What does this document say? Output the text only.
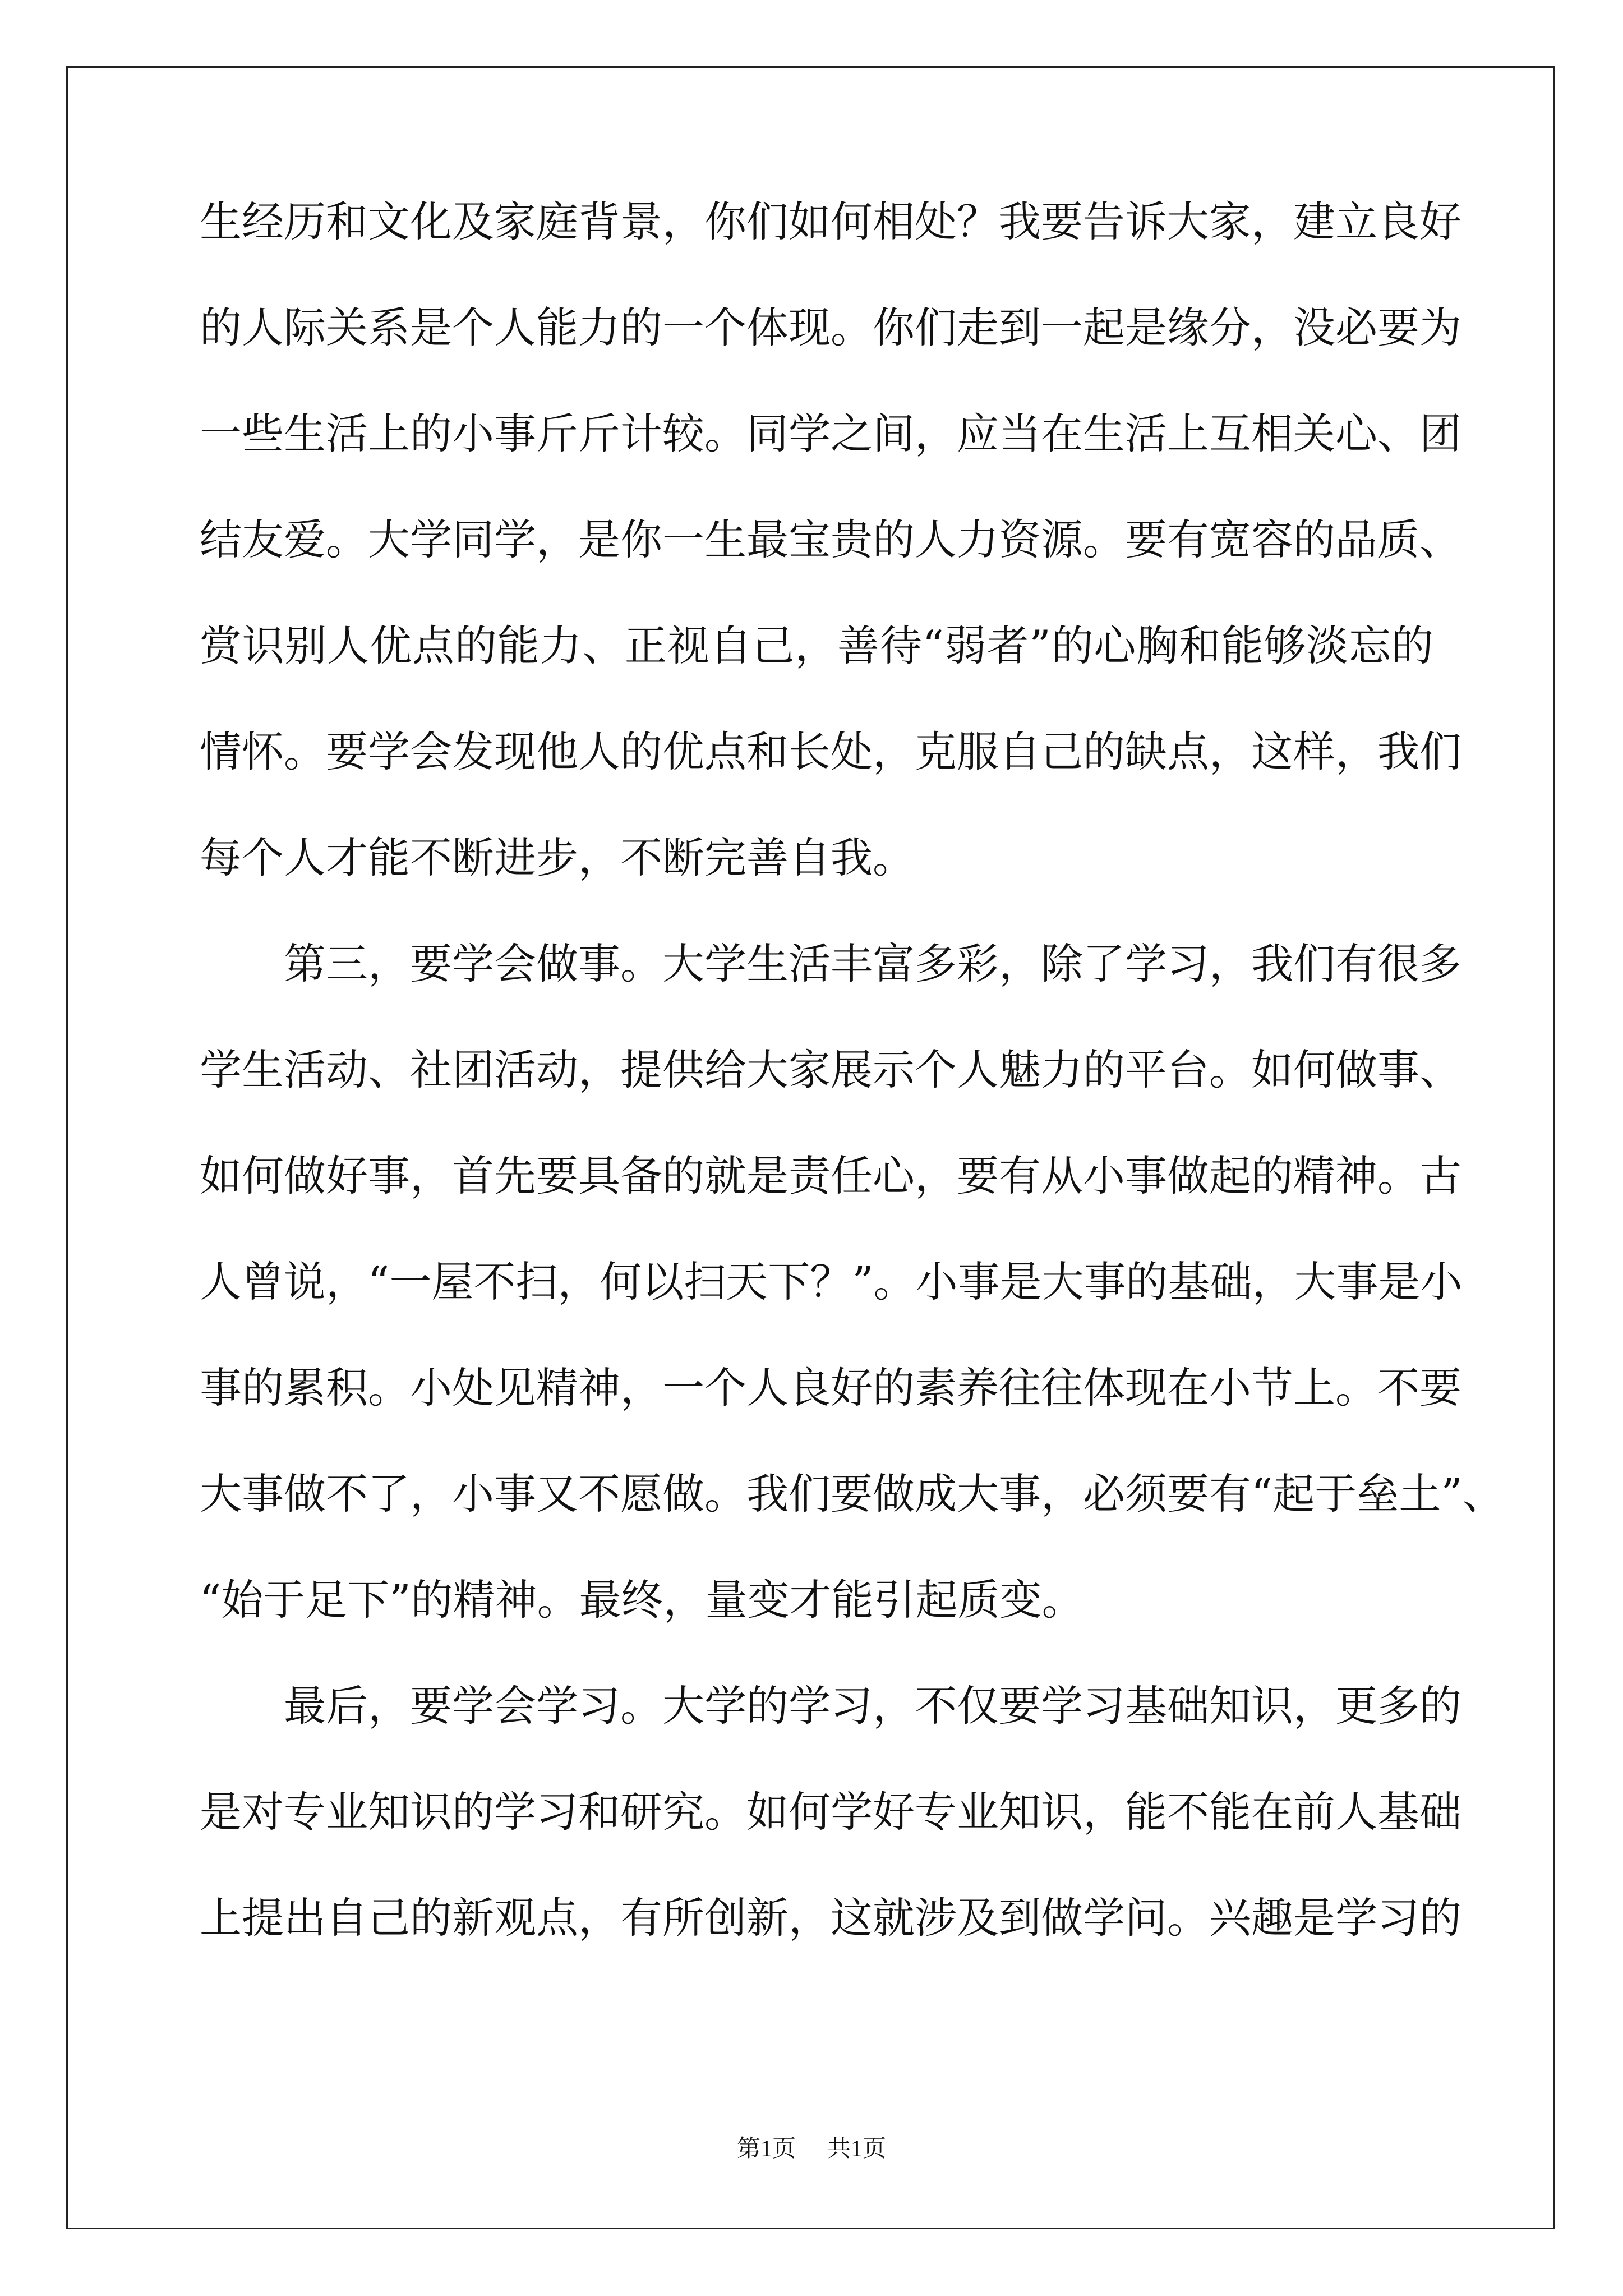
生经历和文化及家庭背景，你们如何相处？我要告诉大家，建立良好
的人际关系是个人能力的一个体现。你们走到一起是缘分，没必要为
一些生活上的小事斤斤计较。同学之间，应当在生活上互相关心、团
结友爱。大学同学，是你一生最宝贵的人力资源。要有宽容的品质、
赏识别人优点的能力、正视自己，善待“弱者”的心胸和能够淡忘的
情怀。要学会发现他人的优点和长处，克服自己的缺点，这样，我们
每个人才能不断进步，不断完善自我。
第三，要学会做事。大学生活丰富多彩，除了学习，我们有很多
学生活动、社团活动，提供给大家展示个人魅力的平台。如何做事、
如何做好事，首先要具备的就是责任心，要有从小事做起的精神。古
人曾说，“一屋不扫，何以扫天下？”。小事是大事的基础，大事是小
事的累积。小处见精神，一个人良好的素养往往体现在小节上。不要
大事做不了，小事又不愿做。我们要做成大事，必须要有“起于垒土”、
“始于足下”的精神。最终，量变才能引起质变。
最后，要学会学习。大学的学习，不仅要学习基础知识，更多的
是对专业知识的学习和研究。如何学好专业知识，能不能在前人基础
上提出自己的新观点，有所创新，这就涉及到做学问。兴趣是学习的
第1页 共1页
